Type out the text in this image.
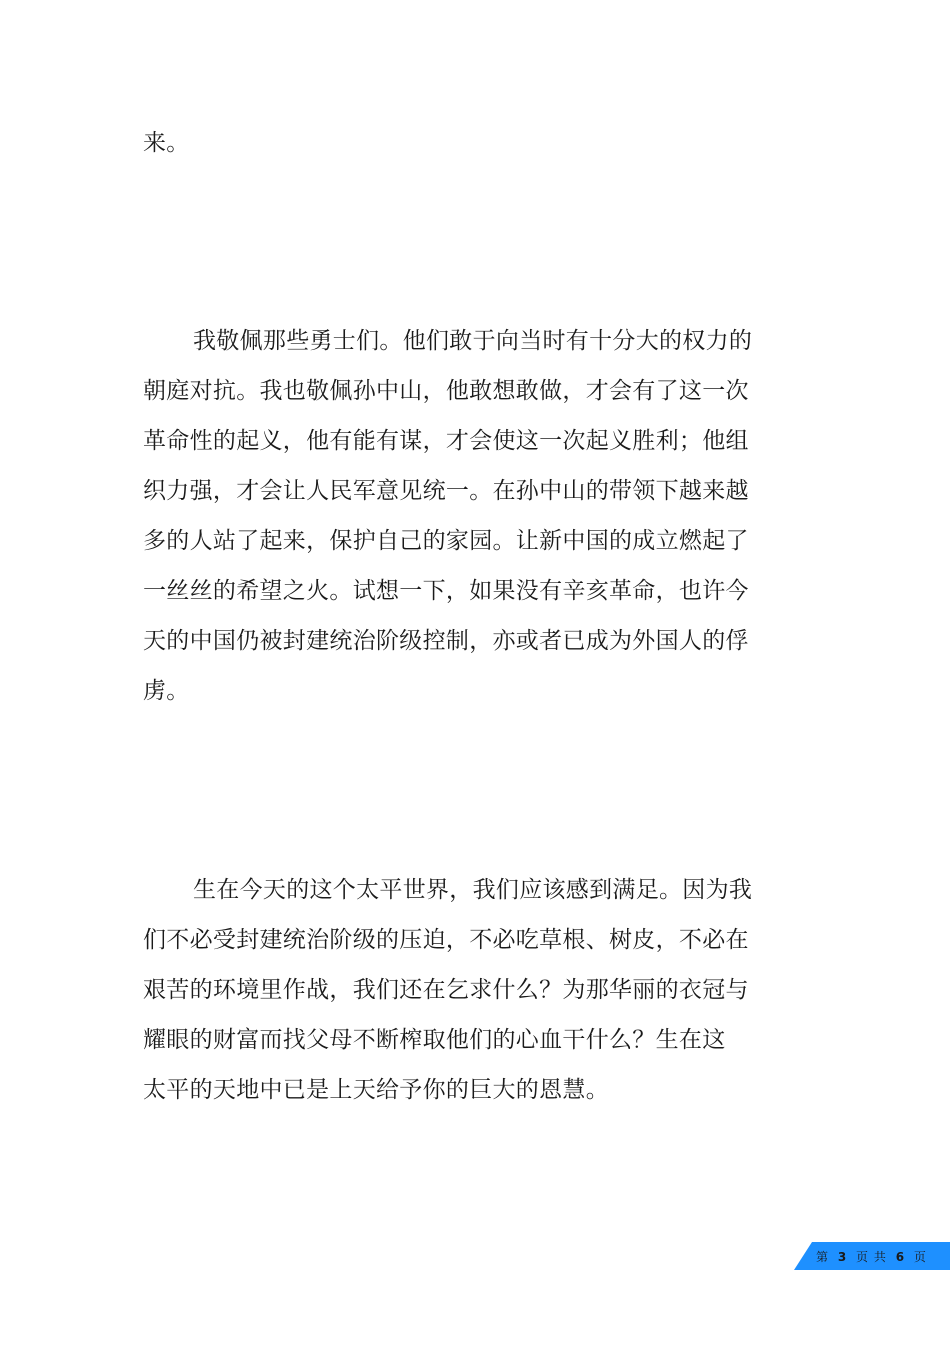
来。
我敬佩那些勇士们。他们敢于向当时有十分大的权力的
朝庭对抗。我也敬佩孙中山，他敢想敢做，才会有了这一次
革命性的起义，他有能有谋，才会使这一次起义胜利；他组
织力强，才会让人民军意见统一。在孙中山的带领下越来越
多的人站了起来，保护自己的家园。让新中国的成立燃起了
一丝丝的希望之火。试想一下，如果没有辛亥革命，也许今
天的中国仍被封建统治阶级控制，亦或者已成为外国人的俘
虏。
生在今天的这个太平世界，我们应该感到满足。因为我
们不必受封建统治阶级的压迫，不必吃草根、树皮，不必在
艰苦的环境里作战，我们还在乞求什么？为那华丽的衣冠与
耀眼的财富而找父母不断榨取他们的心血干什么？生在这
太平的天地中已是上天给予你的巨大的恩慧。
第 3 页 共 6 页
